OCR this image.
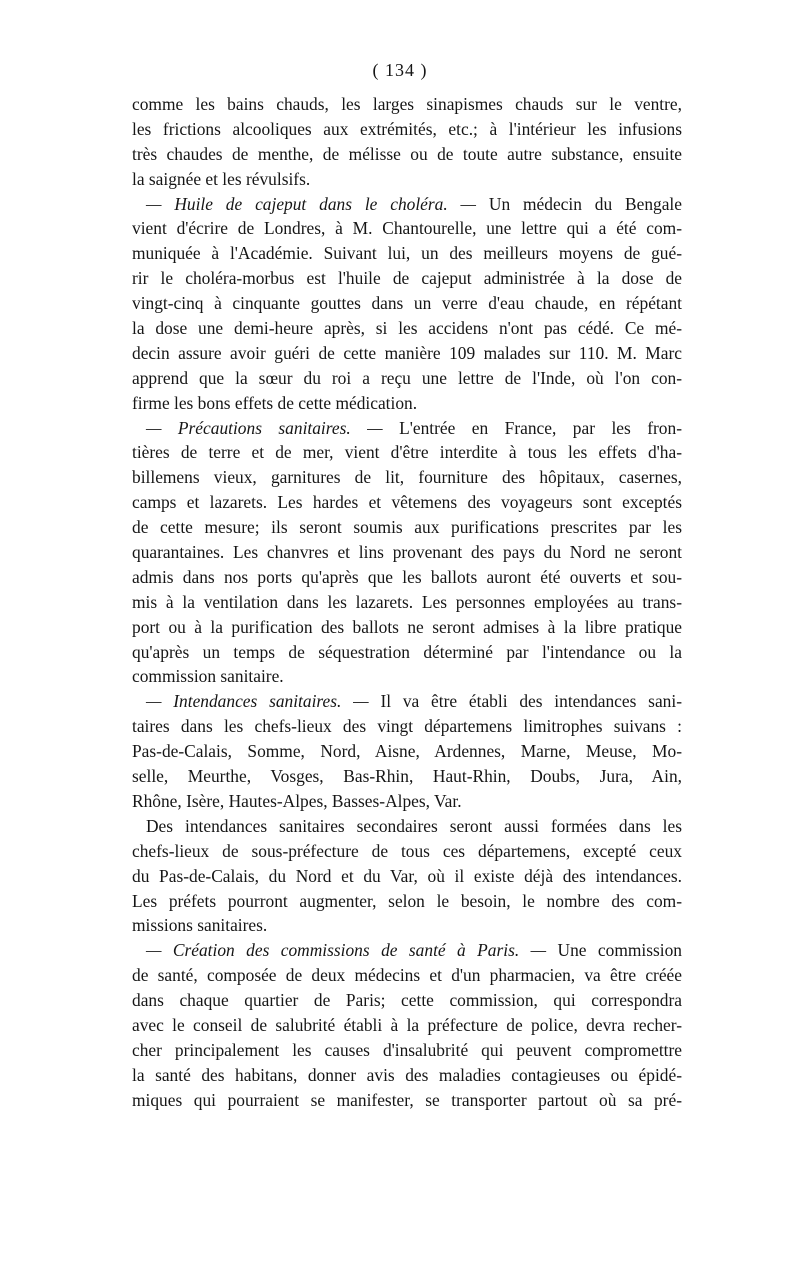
( 134 )
comme les bains chauds, les larges sinapismes chauds sur le ventre,
les frictions alcooliques aux extrémités, etc.; à l'intérieur les infusions
très chaudes de menthe, de mélisse ou de toute autre substance, ensuite
la saignée et les révulsifs.
— Huile de cajeput dans le choléra. — Un médecin du Bengale
vient d'écrire de Londres, à M. Chantourelle, une lettre qui a été com-
muniquée à l'Académie. Suivant lui, un des meilleurs moyens de gué-
rir le choléra-morbus est l'huile de cajeput administrée à la dose de
vingt-cinq à cinquante gouttes dans un verre d'eau chaude, en répétant
la dose une demi-heure après, si les accidens n'ont pas cédé. Ce mé-
decin assure avoir guéri de cette manière 109 malades sur 110. M. Marc
apprend que la sœur du roi a reçu une lettre de l'Inde, où l'on con-
firme les bons effets de cette médication.
— Précautions sanitaires. — L'entrée en France, par les fron-
tières de terre et de mer, vient d'être interdite à tous les effets d'ha-
billemens vieux, garnitures de lit, fourniture des hôpitaux, casernes,
camps et lazarets. Les hardes et vêtemens des voyageurs sont exceptés
de cette mesure; ils seront soumis aux purifications prescrites par les
quarantaines. Les chanvres et lins provenant des pays du Nord ne seront
admis dans nos ports qu'après que les ballots auront été ouverts et sou-
mis à la ventilation dans les lazarets. Les personnes employées au trans-
port ou à la purification des ballots ne seront admises à la libre pratique
qu'après un temps de séquestration déterminé par l'intendance ou la
commission sanitaire.
— Intendances sanitaires. — Il va être établi des intendances sani-
taires dans les chefs-lieux des vingt départemens limitrophes suivans :
Pas-de-Calais, Somme, Nord, Aisne, Ardennes, Marne, Meuse, Mo-
selle, Meurthe, Vosges, Bas-Rhin, Haut-Rhin, Doubs, Jura, Ain,
Rhône, Isère, Hautes-Alpes, Basses-Alpes, Var.
Des intendances sanitaires secondaires seront aussi formées dans les
chefs-lieux de sous-préfecture de tous ces départemens, excepté ceux
du Pas-de-Calais, du Nord et du Var, où il existe déjà des intendances.
Les préfets pourront augmenter, selon le besoin, le nombre des com-
missions sanitaires.
— Création des commissions de santé à Paris. — Une commission
de santé, composée de deux médecins et d'un pharmacien, va être créée
dans chaque quartier de Paris; cette commission, qui correspondra
avec le conseil de salubrité établi à la préfecture de police, devra recher-
cher principalement les causes d'insalubrité qui peuvent compromettre
la santé des habitans, donner avis des maladies contagieuses ou épidé-
miques qui pourraient se manifester, se transporter partout où sa pré-
